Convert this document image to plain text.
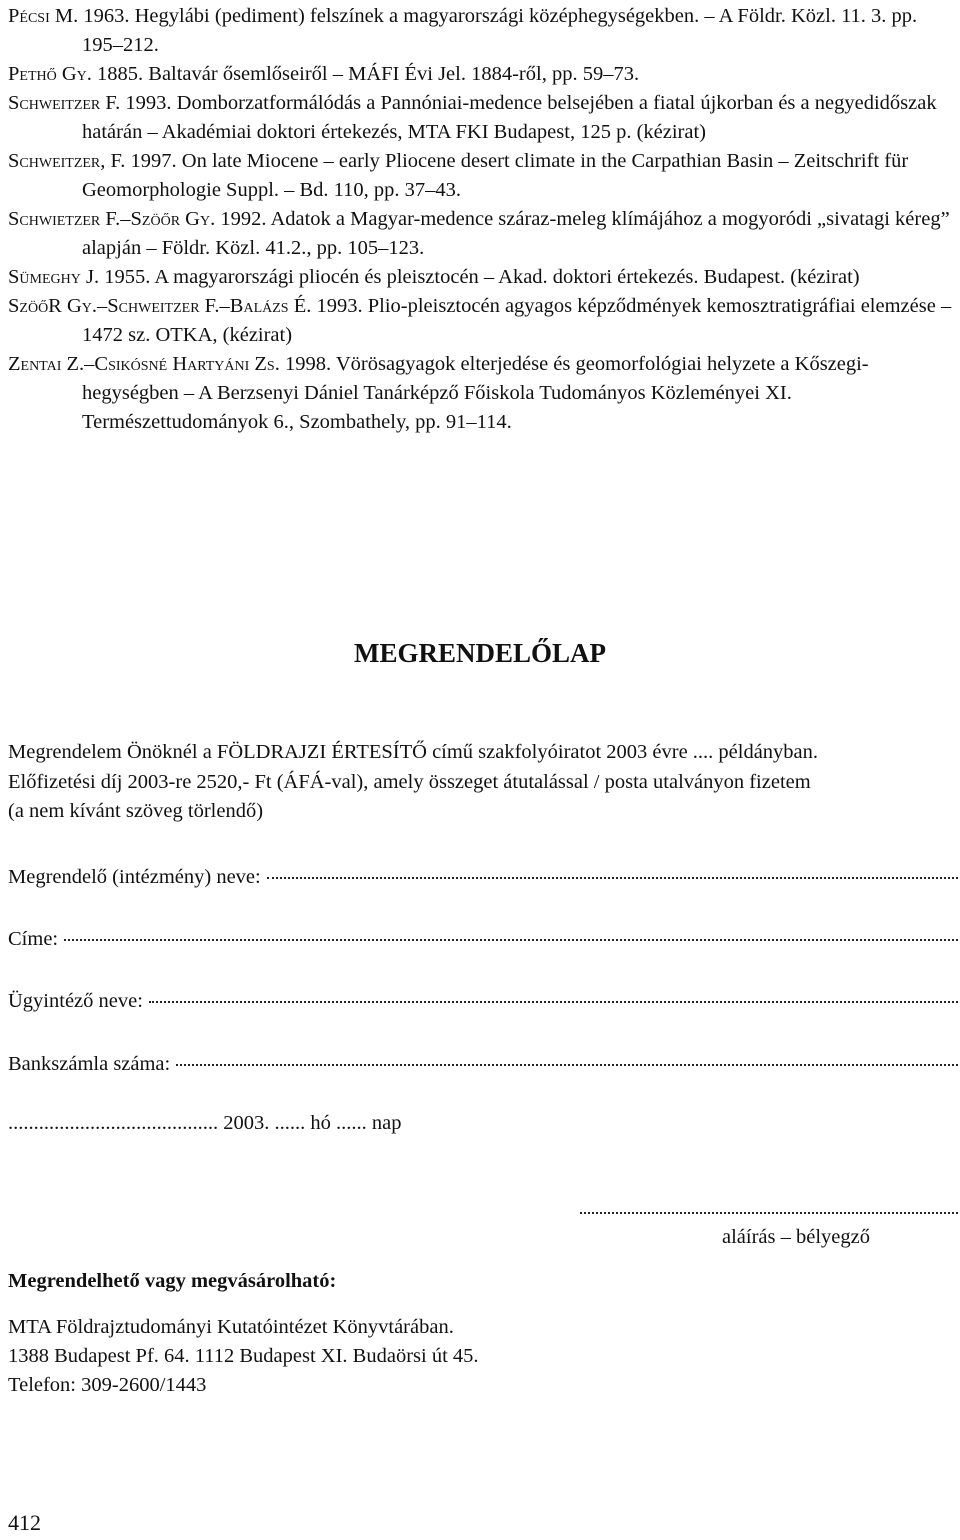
Pécsi M. 1963. Hegylábi (pediment) felszínek a magyarországi középhegységekben. – A Földr. Közl. 11. 3. pp. 195–212.

Pethő Gy. 1885. Baltavár ősemlőseiről – MÁFI Évi Jel. 1884-ről, pp. 59–73.

Schweitzer F. 1993. Domborzatformálódás a Pannóniai-medence belsejében a fiatal újkorban és a negyedidőszak határán – Akadémiai doktori értekezés, MTA FKI Budapest, 125 p. (kézirat)

Schweitzer, F. 1997. On late Miocene – early Pliocene desert climate in the Carpathian Basin – Zeitschrift für Geomorphologie Suppl. – Bd. 110, pp. 37–43.

Schwietzer F.–Szöőr Gy. 1992. Adatok a Magyar-medence száraz-meleg klímájához a mogyoródi „sivatagi kéreg” alapján – Földr. Közl. 41.2., pp. 105–123.

Sümeghy J. 1955. A magyarországi pliocén és pleisztocén – Akad. doktori értekezés. Budapest. (kézirat)

SzöőR Gy.–Schweitzer F.–Balázs É. 1993. Plio-pleisztocén agyagos képződmények kemosztratigráfiai elemzése – 1472 sz. OTKA, (kézirat)

Zentai Z.–Csikósné Hartyáni Zs. 1998. Vörösagyagok elterjedése és geomorfológiai helyzete a Kőszegi-hegységben – A Berzsenyi Dániel Tanárképző Főiskola Tudományos Közleményei XI. Természettudományok 6., Szombathely, pp. 91–114.

MEGRENDELŐLAP

Megrendelem Önöknél a FÖLDRAJZI ÉRTESÍTŐ című szakfolyóiratot 2003 évre .... példányban.

Előfizetési díj 2003-re 2520,- Ft (ÁFÁ-val), amely összeget átutalással / posta utalványon fizetem

(a nem kívánt szöveg törlendő)

Megrendelő (intézmény) neve:
Címe:
Ügyintéző neve:
Bankszámla száma:
......................................... 2003. ...... hó ...... nap
aláírás – bélyegző
Megrendelhető vagy megvásárolható:

MTA Földrajztudományi Kutatóintézet Könyvtárában.

1388 Budapest Pf. 64. 1112 Budapest XI. Budaörsi út 45.

Telefon: 309-2600/1443

412
